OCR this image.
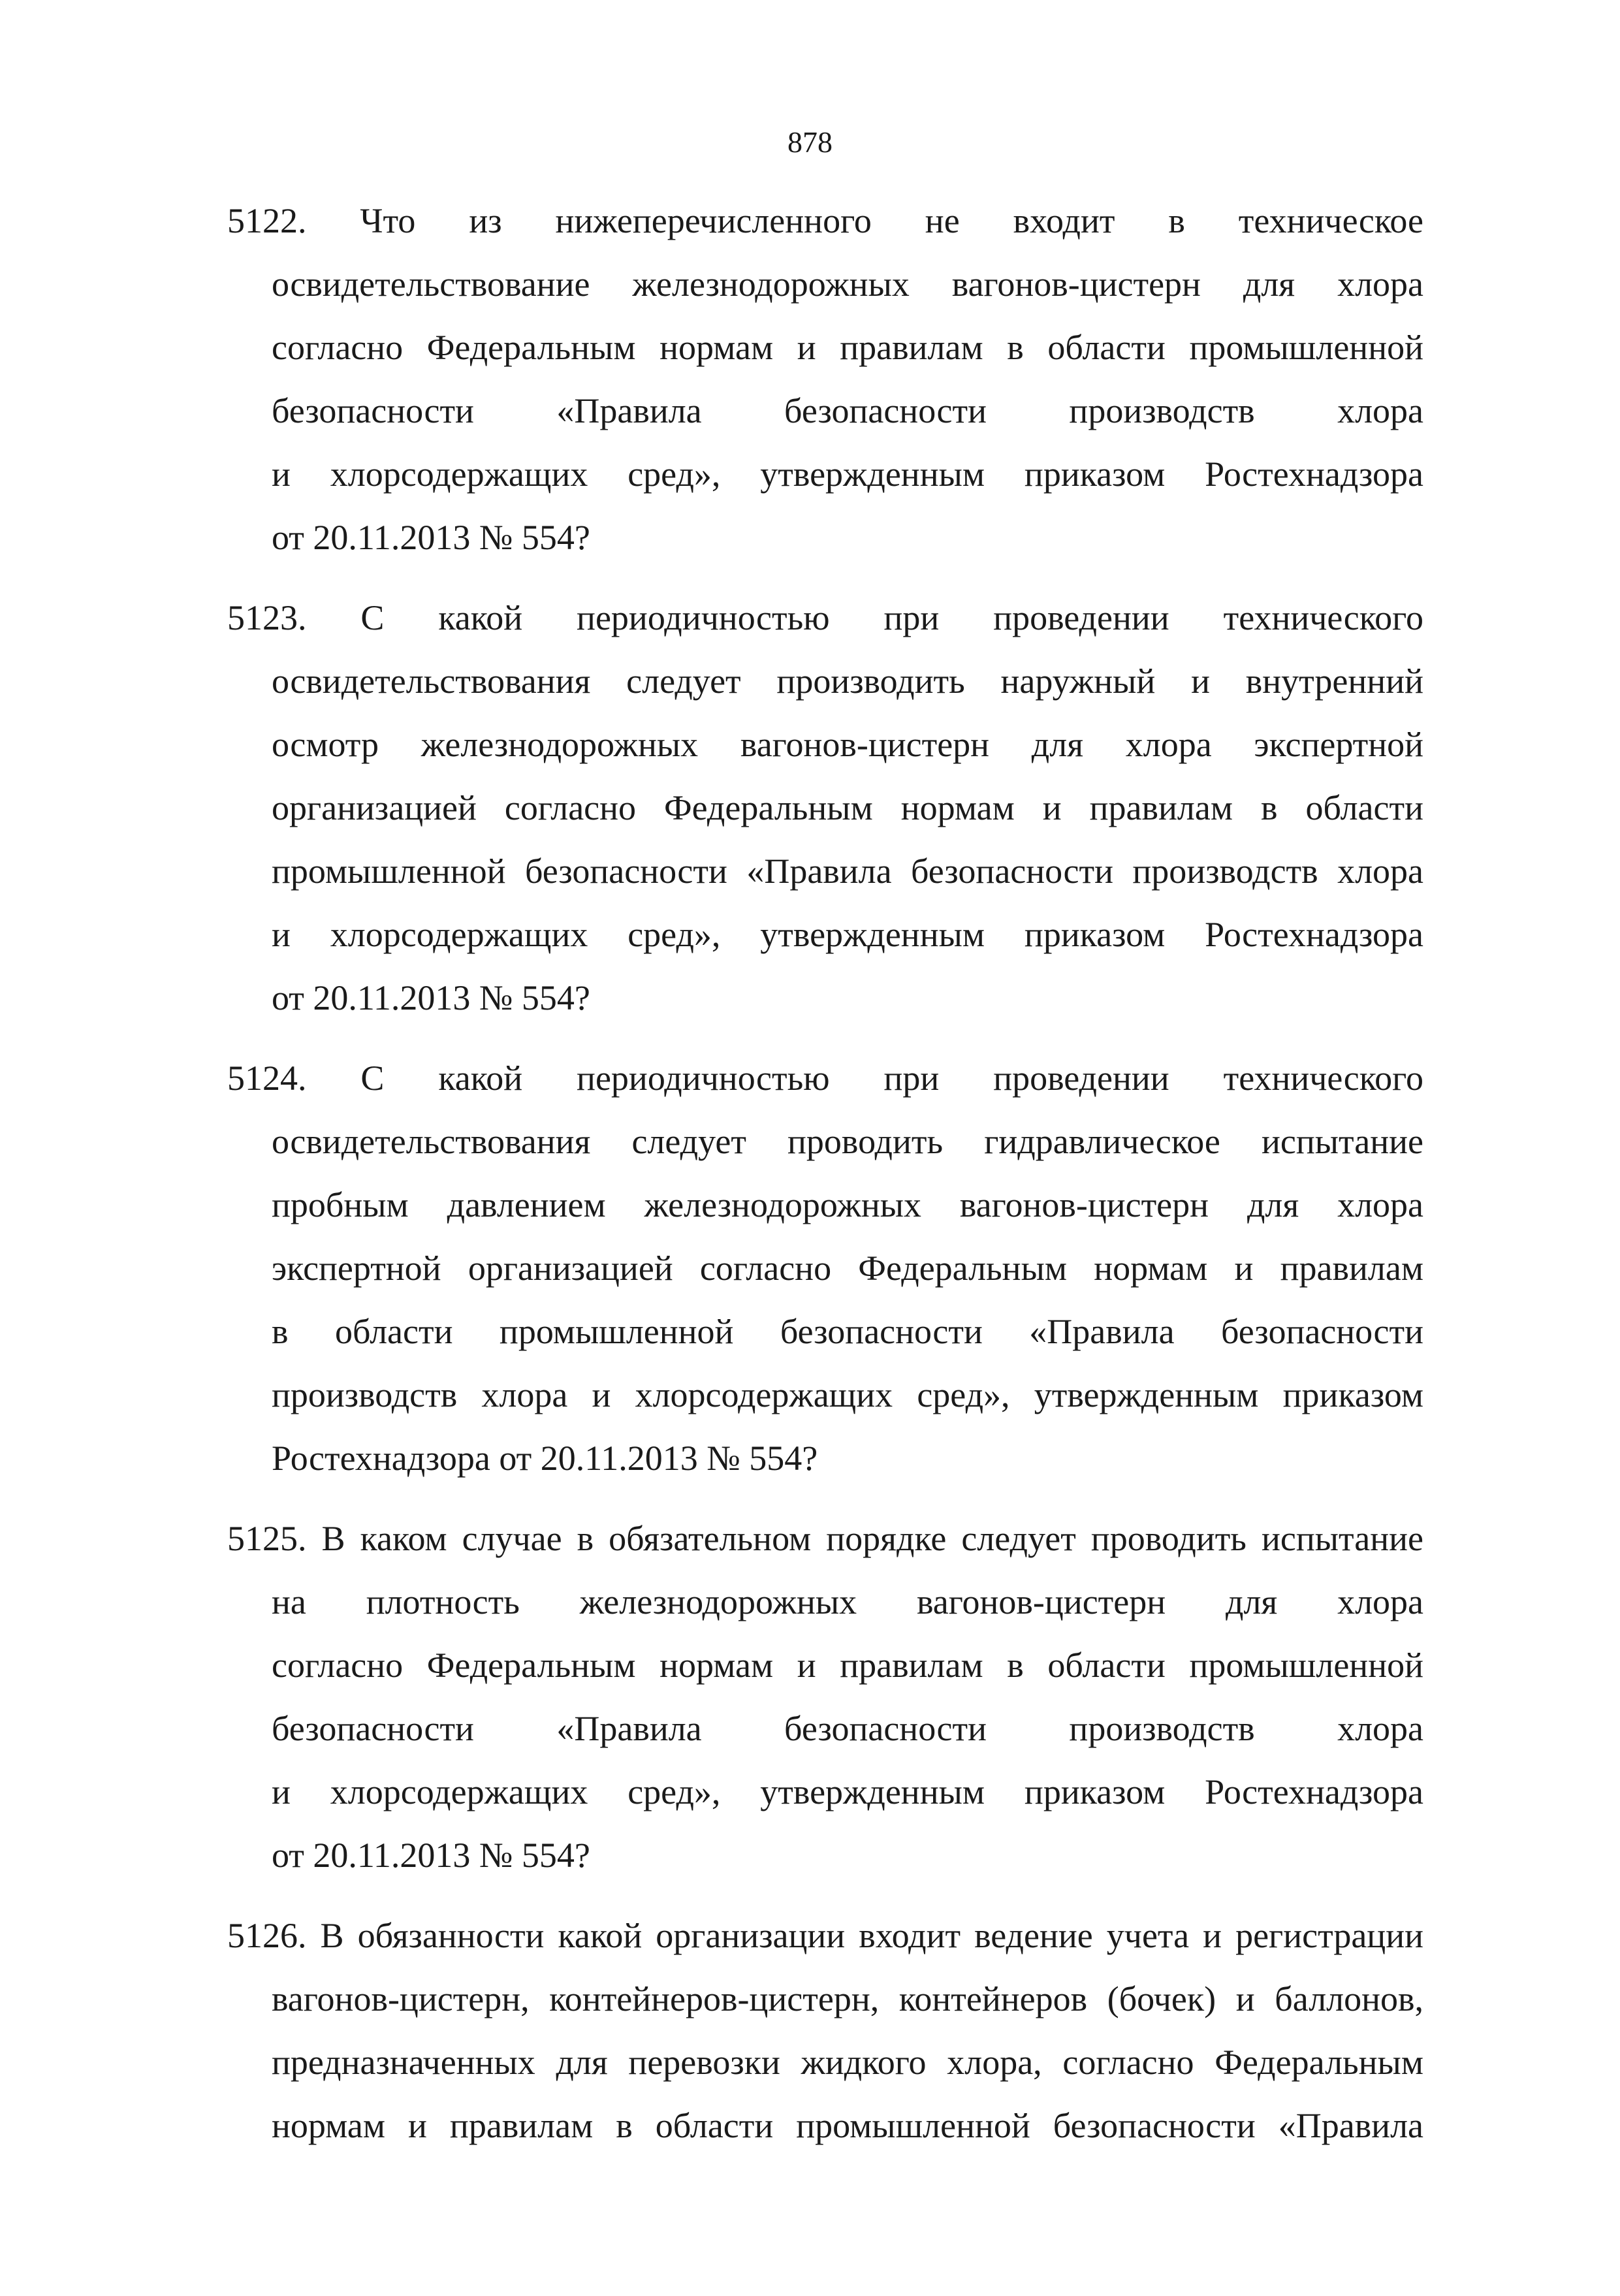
878
5122. Что из нижеперечисленного не входит в техническое
освидетельствование железнодорожных вагонов-цистерн для хлора
согласно Федеральным нормам и правилам в области промышленной
безопасности «Правила безопасности производств хлора
и хлорсодержащих сред», утвержденным приказом Ростехнадзора
от 20.11.2013 № 554?
5123. С какой периодичностью при проведении технического
освидетельствования следует производить наружный и внутренний
осмотр железнодорожных вагонов-цистерн для хлора экспертной
организацией согласно Федеральным нормам и правилам в области
промышленной безопасности «Правила безопасности производств хлора
и хлорсодержащих сред», утвержденным приказом Ростехнадзора
от 20.11.2013 № 554?
5124. С какой периодичностью при проведении технического
освидетельствования следует проводить гидравлическое испытание
пробным давлением железнодорожных вагонов-цистерн для хлора
экспертной организацией согласно Федеральным нормам и правилам
в области промышленной безопасности «Правила безопасности
производств хлора и хлорсодержащих сред», утвержденным приказом
Ростехнадзора от 20.11.2013 № 554?
5125. В каком случае в обязательном порядке следует проводить испытание
на плотность железнодорожных вагонов-цистерн для хлора
согласно Федеральным нормам и правилам в области промышленной
безопасности «Правила безопасности производств хлора
и хлорсодержащих сред», утвержденным приказом Ростехнадзора
от 20.11.2013 № 554?
5126. В обязанности какой организации входит ведение учета и регистрации
вагонов-цистерн, контейнеров-цистерн, контейнеров (бочек) и баллонов,
предназначенных для перевозки жидкого хлора, согласно Федеральным
нормам и правилам в области промышленной безопасности «Правила
